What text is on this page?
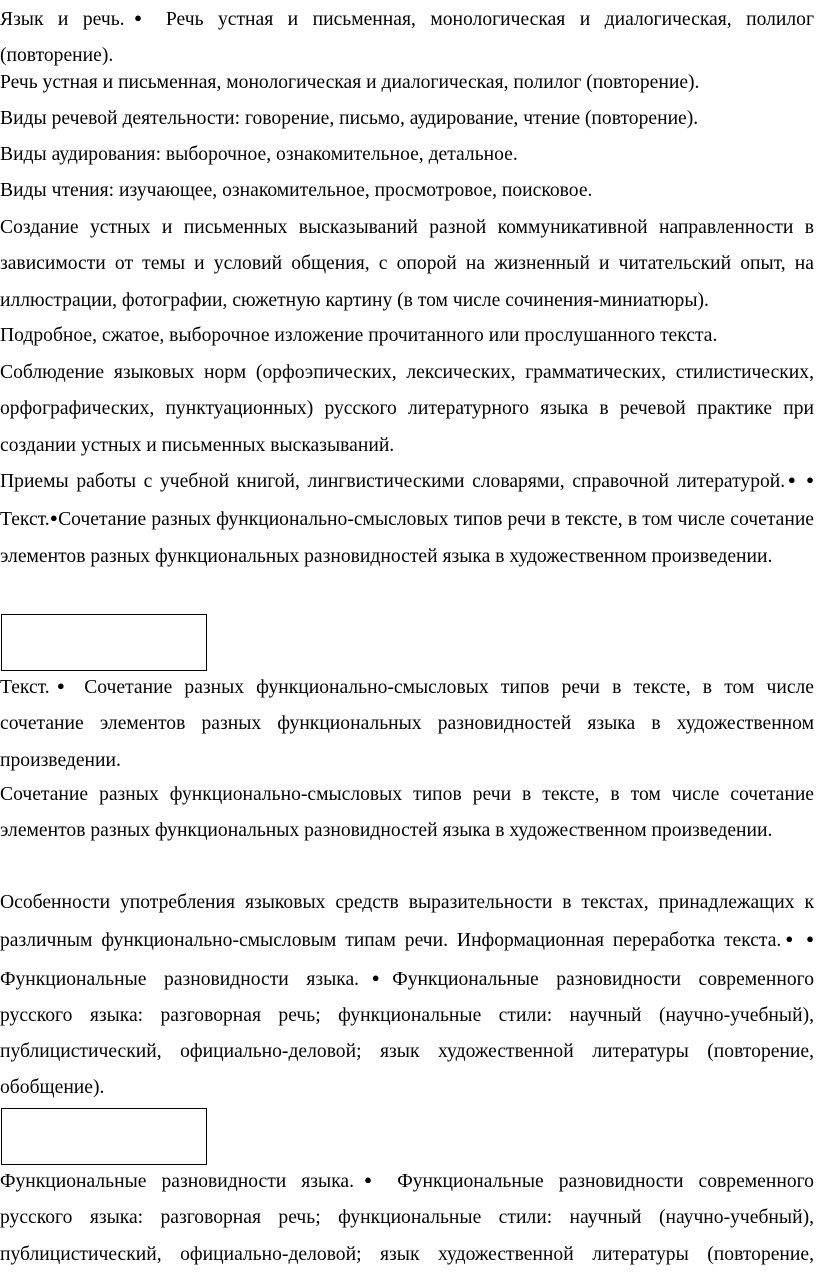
Язык и речь.● Речь устная и письменная, монологическая и диалогическая, полилог (повторение).

Речь устная и письменная, монологическая и диалогическая, полилог (повторение).

Виды речевой деятельности: говорение, письмо, аудирование, чтение (повторение).

Виды аудирования: выборочное, ознакомительное, детальное.

Виды чтения: изучающее, ознакомительное, просмотровое, поисковое.

Создание устных и письменных высказываний разной коммуникативной направленности в зависимости от темы и условий общения, с опорой на жизненный и читательский опыт, на иллюстрации, фотографии, сюжетную картину (в том числе сочинения-миниатюры).

Подробное, сжатое, выборочное изложение прочитанного или прослушанного текста.

Соблюдение языковых норм (орфоэпических, лексических, грамматических, стилистических, орфографических, пунктуационных) русского литературного языка в речевой практике при создании устных и письменных высказываний.

Приемы работы с учебной книгой, лингвистическими словарями, справочной литературой.● ● Текст.●Сочетание разных функционально-смысловых типов речи в тексте, в том числе сочетание элементов разных функциональных разновидностей языка в художественном произведении.

Текст.● Сочетание разных функционально-смысловых типов речи в тексте, в том числе сочетание элементов разных функциональных разновидностей языка в художественном произведении.

Сочетание разных функционально-смысловых типов речи в тексте, в том числе сочетание элементов разных функциональных разновидностей языка в художественном произведении.

Особенности употребления языковых средств выразительности в текстах, принадлежащих к различным функционально-смысловым типам речи. Информационная переработка текста.● ● Функциональные разновидности языка.●Функциональные разновидности современного русского языка: разговорная речь; функциональные стили: научный (научно-учебный), публицистический, официально-деловой; язык художественной литературы (повторение, обобщение).

Функциональные разновидности языка.● Функциональные разновидности современного русского языка: разговорная речь; функциональные стили: научный (научно-учебный), публицистический, официально-деловой; язык художественной литературы (повторение,
